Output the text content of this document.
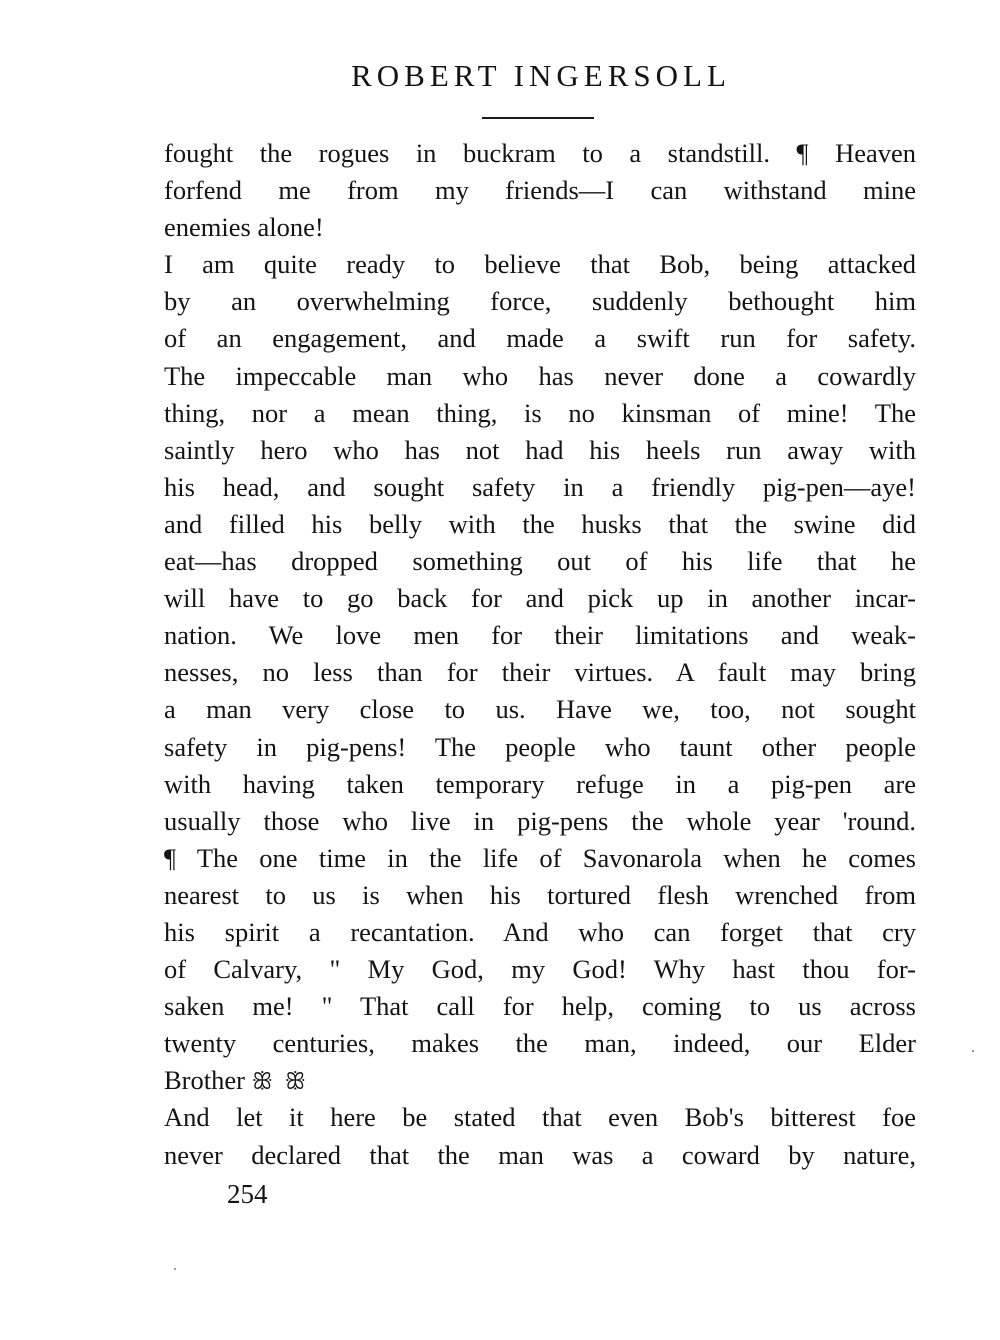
ROBERT INGERSOLL
fought the rogues in buckram to a standstill. ¶ Heaven
forfend me from my friends—I can withstand mine
enemies alone!
I am quite ready to believe that Bob, being attacked
by an overwhelming force, suddenly bethought him
of an engagement, and made a swift run for safety.
The impeccable man who has never done a cowardly
thing, nor a mean thing, is no kinsman of mine! The
saintly hero who has not had his heels run away with
his head, and sought safety in a friendly pig-pen—aye!
and filled his belly with the husks that the swine did
eat—has dropped something out of his life that he
will have to go back for and pick up in another incar-
nation. We love men for their limitations and weak-
nesses, no less than for their virtues. A fault may bring
a man very close to us. Have we, too, not sought
safety in pig-pens! The people who taunt other people
with having taken temporary refuge in a pig-pen are
usually those who live in pig-pens the whole year 'round.
¶ The one time in the life of Savonarola when he comes
nearest to us is when his tortured flesh wrenched from
his spirit a recantation. And who can forget that cry
of Calvary, " My God, my God! Why hast thou for-
saken me! " That call for help, coming to us across
twenty centuries, makes the man, indeed, our Elder
Brother ꕥ ꕥ
And let it here be stated that even Bob's bitterest foe
never declared that the man was a coward by nature,
254
